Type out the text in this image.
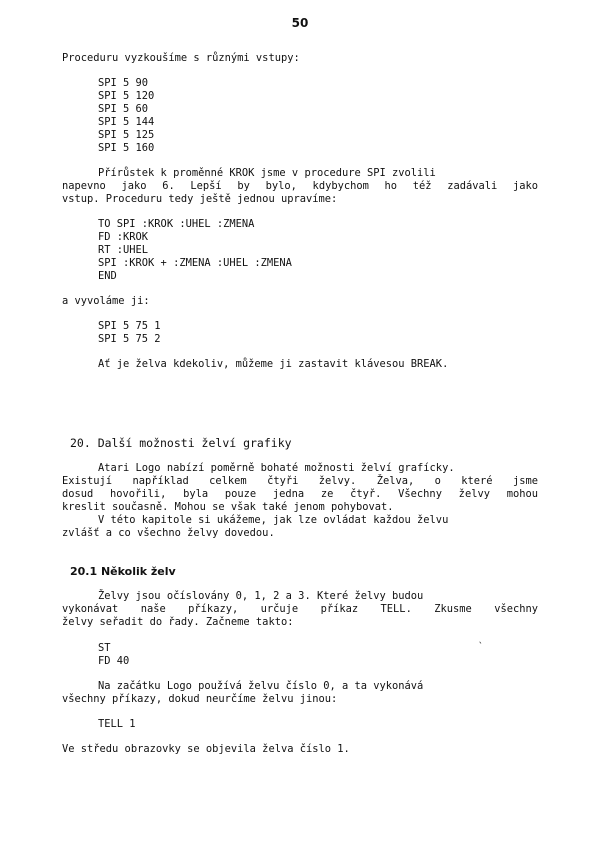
50
Proceduru vyzkoušíme s různými vstupy:
SPI 5 90
SPI 5 120
SPI 5 60
SPI 5 144
SPI 5 125
SPI 5 160
Přírůstek k proměnné KROK jsme v procedure SPI zvolili
napevno jako 6. Lepší by bylo, kdybychom ho též zadávali jako
vstup. Proceduru tedy ještě jednou upravíme:
TO SPI :KROK :UHEL :ZMENA
FD :KROK
RT :UHEL
SPI :KROK + :ZMENA :UHEL :ZMENA
END
a vyvoláme ji:
SPI 5 75 1
SPI 5 75 2
Ať je želva kdekoliv, můžeme ji zastavit klávesou BREAK.
20. Další možnosti želví grafiky
Atari Logo nabízí poměrně bohaté možnosti želví grafícky.
Existují například celkem čtyři želvy. Želva, o které jsme
dosud hovořili, byla pouze jedna ze čtyř. Všechny želvy mohou
kreslit současně. Mohou se však také jenom pohybovat.
V této kapitole si ukážeme, jak lze ovládat každou želvu
zvlášť a co všechno želvy dovedou.
20.1 Několik želv
Želvy jsou očíslovány 0, 1, 2 a 3. Které želvy budou
vykonávat naše příkazy, určuje příkaz TELL. Zkusme všechny
želvy seřadit do řady. Začneme takto:
ST
FD 40
`
Na začátku Logo používá želvu číslo 0, a ta vykonává
všechny příkazy, dokud neurčíme želvu jinou:
TELL 1
Ve středu obrazovky se objevila želva číslo 1.
